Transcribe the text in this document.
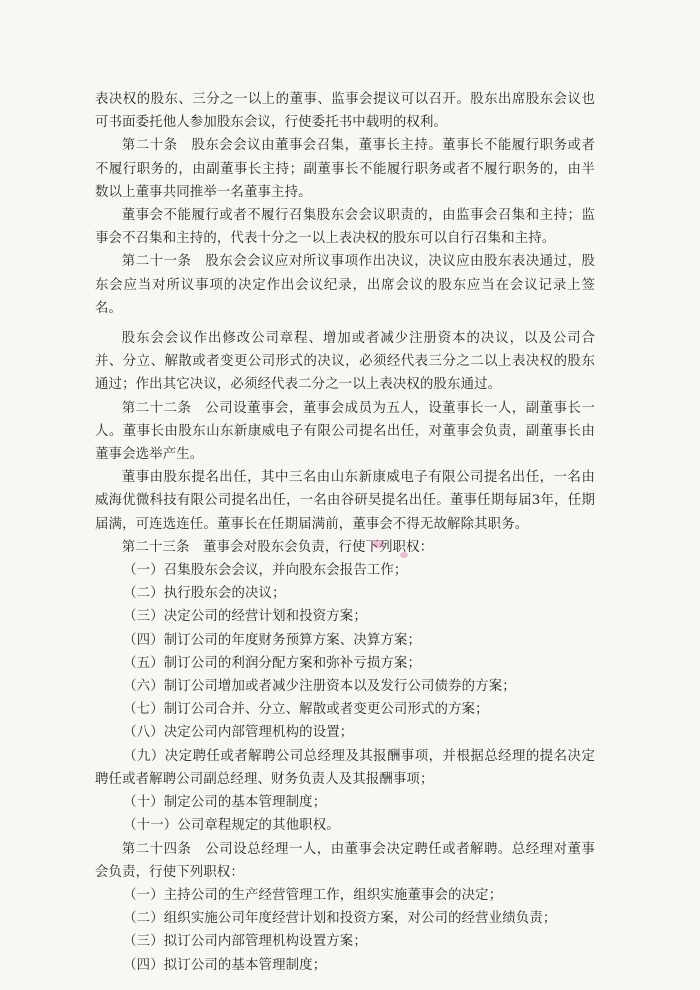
表决权的股东、三分之一以上的董事、监事会提议可以召开。股东出席股东会议也可书面委托他人参加股东会议，行使委托书中载明的权利。

第二十条　股东会会议由董事会召集，董事长主持。董事长不能履行职务或者不履行职务的，由副董事长主持；副董事长不能履行职务或者不履行职务的，由半数以上董事共同推举一名董事主持。

董事会不能履行或者不履行召集股东会会议职责的，由监事会召集和主持；监事会不召集和主持的，代表十分之一以上表决权的股东可以自行召集和主持。

第二十一条　股东会会议应对所议事项作出决议，决议应由股东表决通过，股东会应当对所议事项的决定作出会议纪录，出席会议的股东应当在会议记录上签名。

股东会会议作出修改公司章程、增加或者减少注册资本的决议，以及公司合并、分立、解散或者变更公司形式的决议，必须经代表三分之二以上表决权的股东通过；作出其它决议，必须经代表二分之一以上表决权的股东通过。

第二十二条　公司设董事会，董事会成员为五人，设董事长一人，副董事长一人。董事长由股东山东新康威电子有限公司提名出任，对董事会负责，副董事长由董事会选举产生。

董事由股东提名出任，其中三名由山东新康威电子有限公司提名出任，一名由威海优微科技有限公司提名出任，一名由谷研昊提名出任。董事任期每届3年，任期届满，可连选连任。董事长在任期届满前，董事会不得无故解除其职务。

第二十三条　董事会对股东会负责，行使下列职权：

（一）召集股东会会议，并向股东会报告工作；

（二）执行股东会的决议；

（三）决定公司的经营计划和投资方案；

（四）制订公司的年度财务预算方案、决算方案；

（五）制订公司的利润分配方案和弥补亏损方案；

（六）制订公司增加或者减少注册资本以及发行公司债券的方案；

（七）制订公司合并、分立、解散或者变更公司形式的方案；

（八）决定公司内部管理机构的设置；

（九）决定聘任或者解聘公司总经理及其报酬事项，并根据总经理的提名决定聘任或者解聘公司副总经理、财务负责人及其报酬事项；

（十）制定公司的基本管理制度；

（十一）公司章程规定的其他职权。

第二十四条　公司设总经理一人，由董事会决定聘任或者解聘。总经理对董事会负责，行使下列职权：

（一）主持公司的生产经营管理工作，组织实施董事会的决定；

（二）组织实施公司年度经营计划和投资方案，对公司的经营业绩负责；

（三）拟订公司内部管理机构设置方案；

（四）拟订公司的基本管理制度；
